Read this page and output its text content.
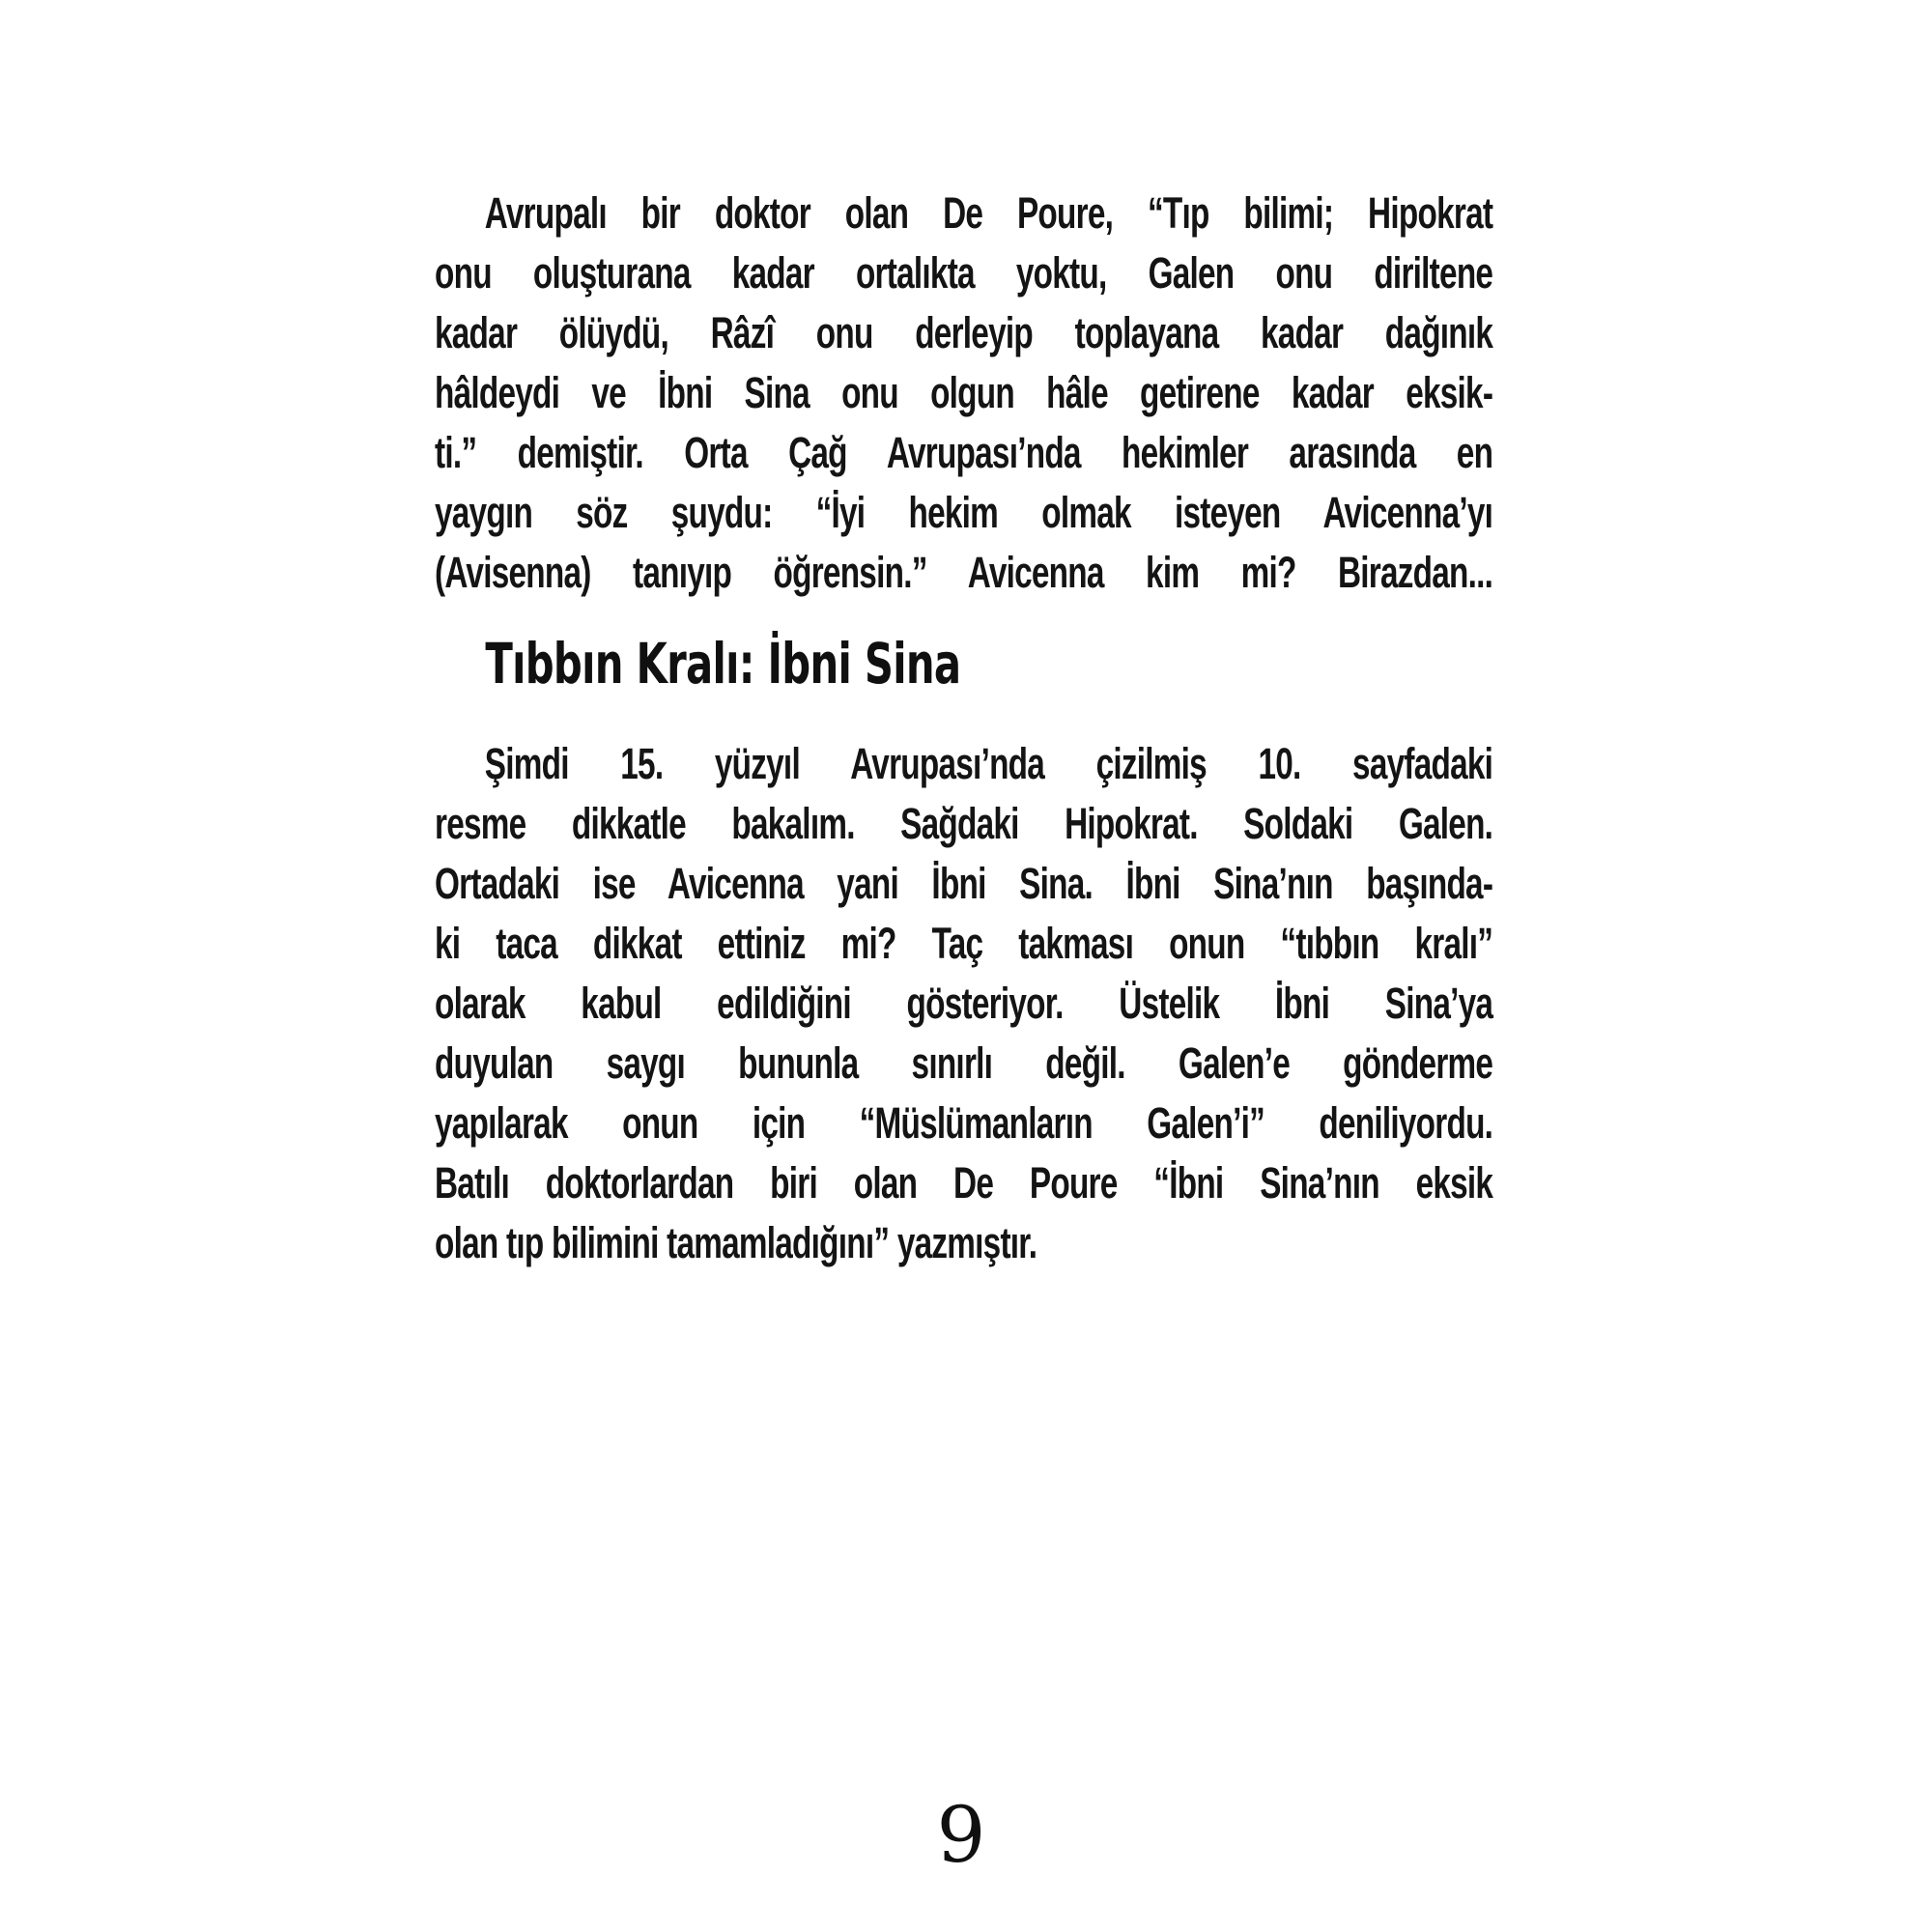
Avrupalı bir doktor olan De Poure, “Tıp bilimi; Hipokrat
onu oluşturana kadar ortalıkta yoktu, Galen onu diriltene
kadar ölüydü, Râzî onu derleyip toplayana kadar dağınık
hâldeydi ve İbni Sina onu olgun hâle getirene kadar eksik-
ti.” demiştir. Orta Çağ Avrupası’nda hekimler arasında en
yaygın söz şuydu: “İyi hekim olmak isteyen Avicenna’yı
(Avisenna) tanıyıp öğrensin.” Avicenna kim mi? Birazdan...
Tıbbın Kralı: İbni Sina
Şimdi 15. yüzyıl Avrupası’nda çizilmiş 10. sayfadaki
resme dikkatle bakalım. Sağdaki Hipokrat. Soldaki Galen.
Ortadaki ise Avicenna yani İbni Sina. İbni Sina’nın başında-
ki taca dikkat ettiniz mi? Taç takması onun “tıbbın kralı”
olarak kabul edildiğini gösteriyor. Üstelik İbni Sina’ya
duyulan saygı bununla sınırlı değil. Galen’e gönderme
yapılarak onun için “Müslümanların Galen’i” deniliyordu.
Batılı doktorlardan biri olan De Poure “İbni Sina’nın eksik
olan tıp bilimini tamamladığını” yazmıştır.
9
